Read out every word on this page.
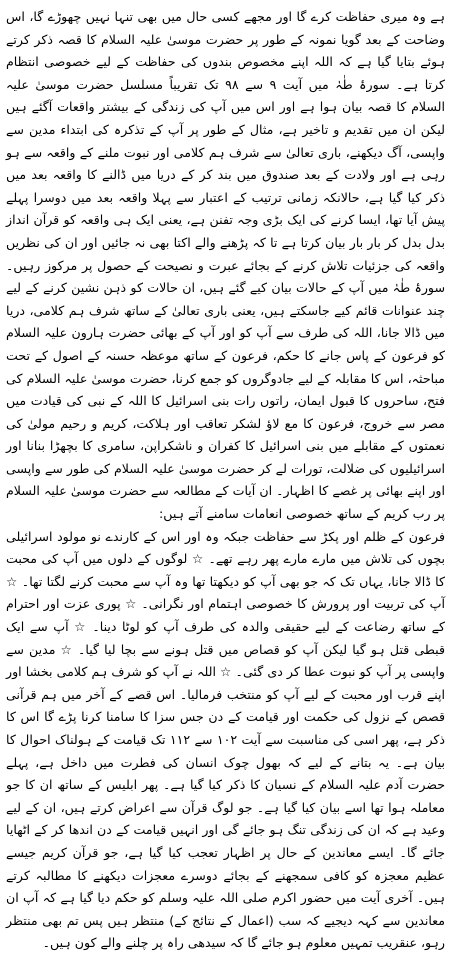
ہے وہ میری حفاظت کرے گا اور مجھے کسی حال میں بھی تنہا نہیں چھوڑے گا، اس وضاحت کے بعد گویا نمونہ کے طور پر حضرت موسیٰ علیہ السلام کا قصہ ذکر کرتے ہوئے بتایا گیا ہے کہ اللہ اپنے مخصوص بندوں کی حفاظت کے لیے خصوصی انتظام کرتا ہے۔ سورۂ طٰہٰ میں آیت ۹ سے ۹۸ تک تقریباً مسلسل حضرت موسیٰ علیہ السلام کا قصہ بیان ہوا ہے اور اس میں آپ کی زندگی کے بیشتر واقعات آگئے ہیں لیکن ان میں تقدیم و تاخیر ہے، مثال کے طور پر آپ کے تذکرہ کی ابتداء مدین سے واپسی، آگ دیکھنے، باری تعالیٰ سے شرف ہم کلامی اور نبوت ملنے کے واقعہ سے ہو رہی ہے اور ولادت کے بعد صندوق میں بند کر کے دریا میں ڈالنے کا واقعہ بعد میں ذکر کیا گیا ہے، حالانکہ زمانی ترتیب کے اعتبار سے پہلا واقعہ بعد میں دوسرا پہلے پیش آیا تھا، ایسا کرنے کی ایک بڑی وجہ تفنن ہے، یعنی ایک ہی واقعہ کو قرآن انداز بدل بدل کر بار بار بیان کرتا ہے تا کہ پڑھنے والے اکتا بھی نہ جائیں اور ان کی نظریں واقعہ کی جزئیات تلاش کرنے کے بجائے عبرت و نصیحت کے حصول پر مرکوز رہیں۔ سورۂ طٰہٰ میں آپ کے حالات بیان کیے گئے ہیں، ان حالات کو ذہن نشین کرنے کے لیے چند عنوانات قائم کیے جاسکتے ہیں، یعنی باری تعالیٰ کے ساتھ شرف ہم کلامی، دریا میں ڈالا جانا، اللہ کی طرف سے آپ کو اور آپ کے بھائی حضرت ہارون علیہ السلام کو فرعون کے پاس جانے کا حکم، فرعون کے ساتھ موعظہ حسنہ کے اصول کے تحت مباحثہ، اس کا مقابلہ کے لیے جادوگروں کو جمع کرنا، حضرت موسیٰ علیہ السلام کی فتح، ساحروں کا قبول ایمان، راتوں رات بنی اسرائیل کا اللہ کے نبی کی قیادت میں مصر سے خروج، فرعون کا مع لاؤ لشکر تعاقب اور ہلاکت، کریم و رحیم مولیٰ کی نعمتوں کے مقابلے میں بنی اسرائیل کا کفران و ناشکراپن، سامری کا بچھڑا بنانا اور اسرائیلیوں کی ضلالت، تورات لے کر حضرت موسیٰ علیہ السلام کی طور سے واپسی اور اپنے بھائی پر غصے کا اظہار۔ ان آیات کے مطالعہ سے حضرت موسیٰ علیہ السلام پر رب کریم کے ساتھ خصوصی انعامات سامنے آتے ہیں:

فرعون کے ظلم اور پکڑ سے حفاظت جبکہ وہ اور اس کے کارندے نو مولود اسرائیلی بچوں کی تلاش میں مارے مارے پھر رہے تھے۔ ☆ لوگوں کے دلوں میں آپ کی محبت کا ڈالا جانا، یہاں تک کہ جو بھی آپ کو دیکھتا تھا وہ آپ سے محبت کرنے لگتا تھا۔ ☆ آپ کی تربیت اور پرورش کا خصوصی اہتمام اور نگرانی۔ ☆ پوری عزت اور احترام کے ساتھ رضاعت کے لیے حقیقی والدہ کی طرف آپ کو لوٹا دینا۔ ☆ آپ سے ایک قبطی قتل ہو گیا لیکن آپ کو قصاص میں قتل ہونے سے بچا لیا گیا۔ ☆ مدین سے واپسی پر آپ کو نبوت عطا کر دی گئی۔ ☆ اللہ نے آپ کو شرف ہم کلامی بخشا اور اپنے قرب اور محبت کے لیے آپ کو منتخب فرمالیا۔ اس قصے کے آخر میں ہم قرآنی قصص کے نزول کی حکمت اور قیامت کے دن جس سزا کا سامنا کرنا پڑے گا اس کا ذکر ہے، پھر اسی کی مناسبت سے آیت ۱۰۲ سے ۱۱۲ تک قیامت کے ہولناک احوال کا بیان ہے۔ یہ بتانے کے لیے کہ بھول چوک انسان کی فطرت میں داخل ہے، پہلے حضرت آدم علیہ السلام کے نسیان کا ذکر کیا گیا ہے۔ پھر ابلیس کے ساتھ ان کا جو معاملہ ہوا تھا اسے بیان کیا گیا ہے۔ جو لوگ قرآن سے اعراض کرتے ہیں، ان کے لیے وعید ہے کہ ان کی زندگی تنگ ہو جائے گی اور انہیں قیامت کے دن اندھا کر کے اٹھایا جائے گا۔ ایسے معاندین کے حال پر اظہار تعجب کیا گیا ہے، جو قرآن کریم جیسے عظیم معجزہ کو کافی سمجھنے کے بجائے دوسرے معجزات دیکھنے کا مطالبہ کرتے ہیں۔ آخری آیت میں حضور اکرم صلی اللہ علیہ وسلم کو حکم دیا گیا ہے کہ آپ ان معاندین سے کہہ دیجیے کہ سب (اعمال کے نتائج کے) منتظر ہیں پس تم بھی منتظر رہو، عنقریب تمہیں معلوم ہو جائے گا کہ سیدھی راہ پر چلنے والے کون ہیں۔
